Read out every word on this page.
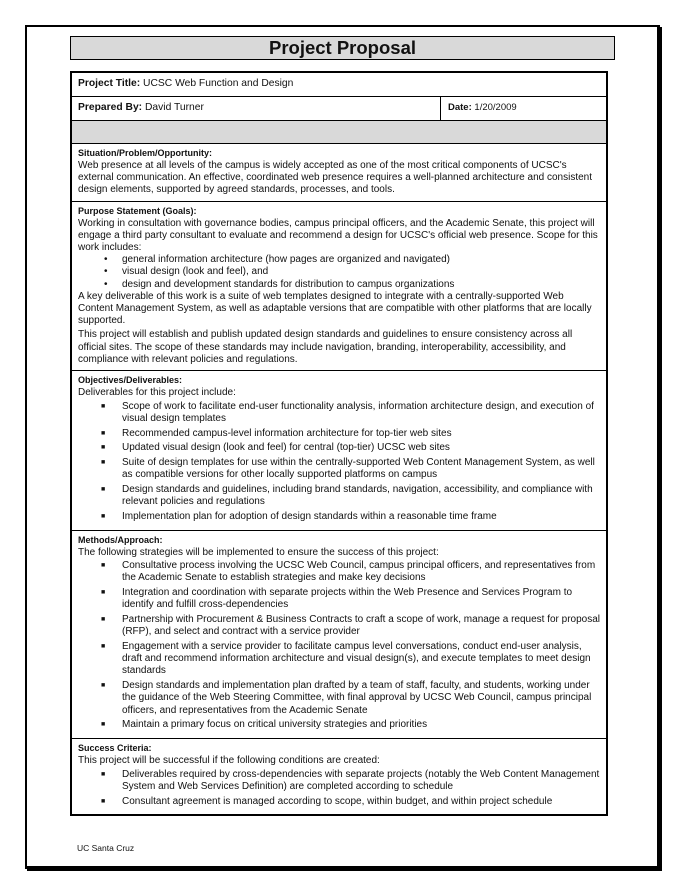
Project Proposal
Project Title: UCSC Web Function and Design
Prepared By: David Turner	Date: 1/20/2009
Situation/Problem/Opportunity:

Web presence at all levels of the campus is widely accepted as one of the most critical components of UCSC's external communication. An effective, coordinated web presence requires a well-planned architecture and consistent design elements, supported by agreed standards, processes, and tools.

Purpose Statement (Goals):

Working in consultation with governance bodies, campus principal officers, and the Academic Senate, this project will engage a third party consultant to evaluate and recommend a design for UCSC's official web presence. Scope for this work includes:

• general information architecture (how pages are organized and navigated)
• visual design (look and feel), and
• design and development standards for distribution to campus organizations

A key deliverable of this work is a suite of web templates designed to integrate with a centrally-supported Web Content Management System, as well as adaptable versions that are compatible with other platforms that are locally supported.

This project will establish and publish updated design standards and guidelines to ensure consistency across all official sites. The scope of these standards may include navigation, branding, interoperability, accessibility, and compliance with relevant policies and regulations.

Objectives/Deliverables:

Deliverables for this project include:

■ Scope of work to facilitate end-user functionality analysis, information architecture design, and execution of visual design templates
■ Recommended campus-level information architecture for top-tier web sites
■ Updated visual design (look and feel) for central (top-tier) UCSC web sites
■ Suite of design templates for use within the centrally-supported Web Content Management System, as well as compatible versions for other locally supported platforms on campus
■ Design standards and guidelines, including brand standards, navigation, accessibility, and compliance with relevant policies and regulations
■ Implementation plan for adoption of design standards within a reasonable time frame
Methods/Approach:

The following strategies will be implemented to ensure the success of this project:

■ Consultative process involving the UCSC Web Council, campus principal officers, and representatives from the Academic Senate to establish strategies and make key decisions
■ Integration and coordination with separate projects within the Web Presence and Services Program to identify and fulfill cross-dependencies
■ Partnership with Procurement & Business Contracts to craft a scope of work, manage a request for proposal (RFP), and select and contract with a service provider
■ Engagement with a service provider to facilitate campus level conversations, conduct end-user analysis, draft and recommend information architecture and visual design(s), and execute templates to meet design standards
■ Design standards and implementation plan drafted by a team of staff, faculty, and students, working under the guidance of the Web Steering Committee, with final approval by UCSC Web Council, campus principal officers, and representatives from the Academic Senate
■ Maintain a primary focus on critical university strategies and priorities
Success Criteria:

This project will be successful if the following conditions are created:

■ Deliverables required by cross-dependencies with separate projects (notably the Web Content Management System and Web Services Definition) are completed according to schedule
■ Consultant agreement is managed according to scope, within budget, and within project schedule
UC Santa Cruz
